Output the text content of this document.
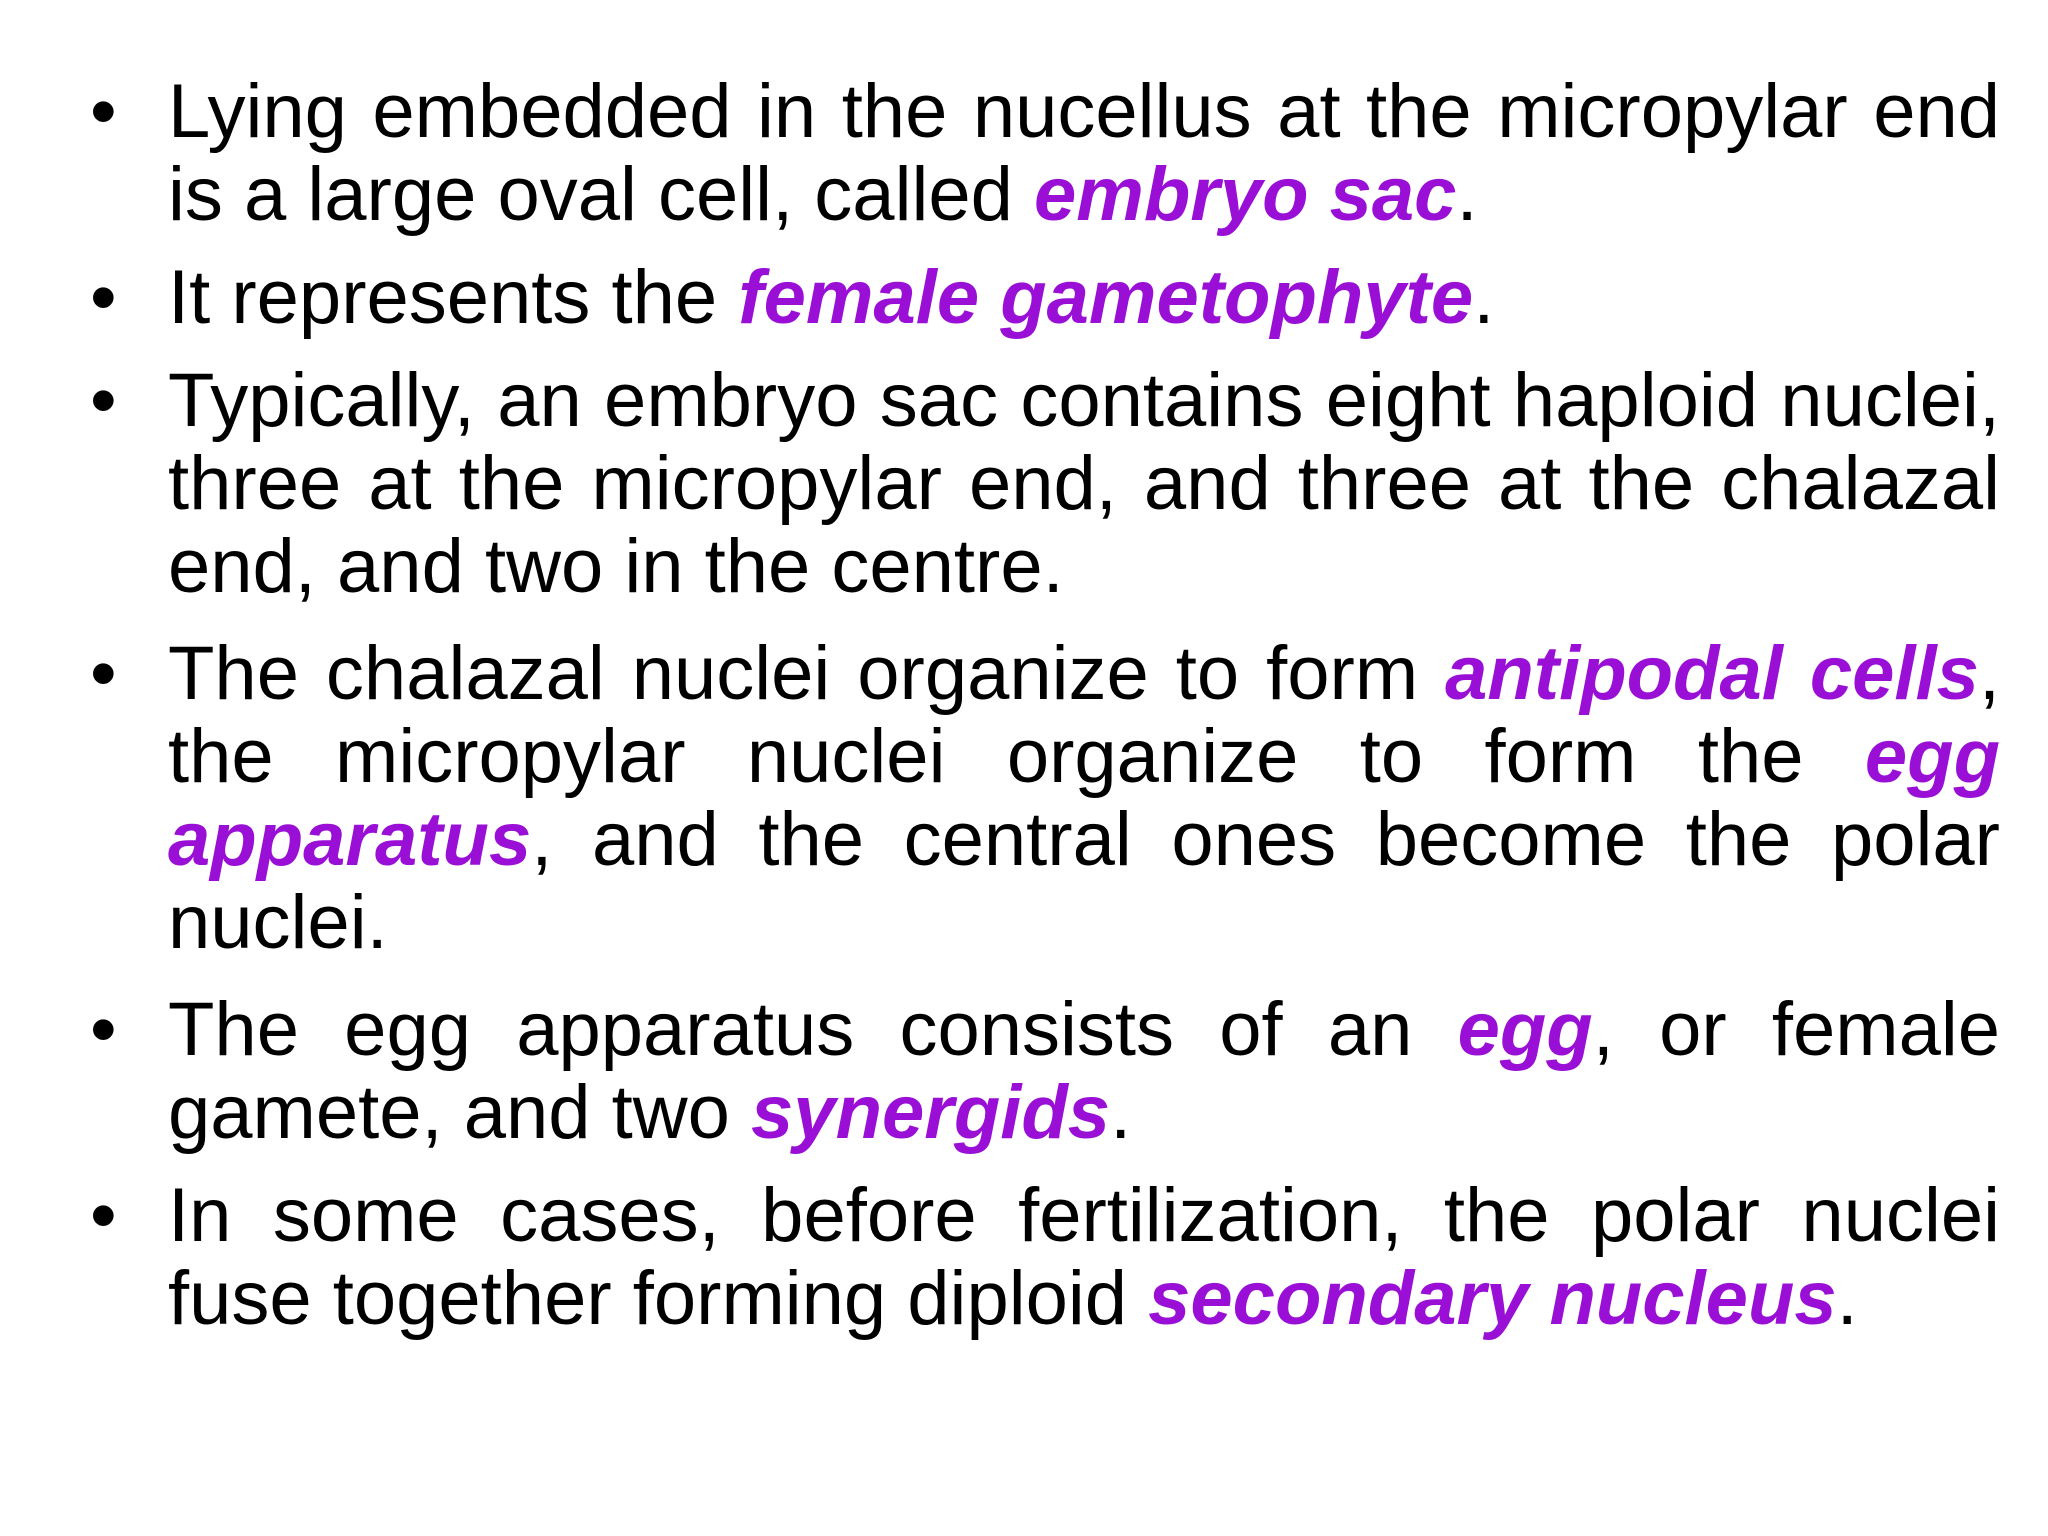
• Lying embedded in the nucellus at the micropylar end is a large oval cell, called embryo sac.
• It represents the female gametophyte.
• Typically, an embryo sac contains eight haploid nuclei, three at the micropylar end, and three at the chalazal end, and two in the centre.
• The chalazal nuclei organize to form antipodal cells, the micropylar nuclei organize to form the egg apparatus, and the central ones become the polar nuclei.
• The egg apparatus consists of an egg, or female gamete, and two synergids.
• In some cases, before fertilization, the polar nuclei fuse together forming diploid secondary nucleus.
